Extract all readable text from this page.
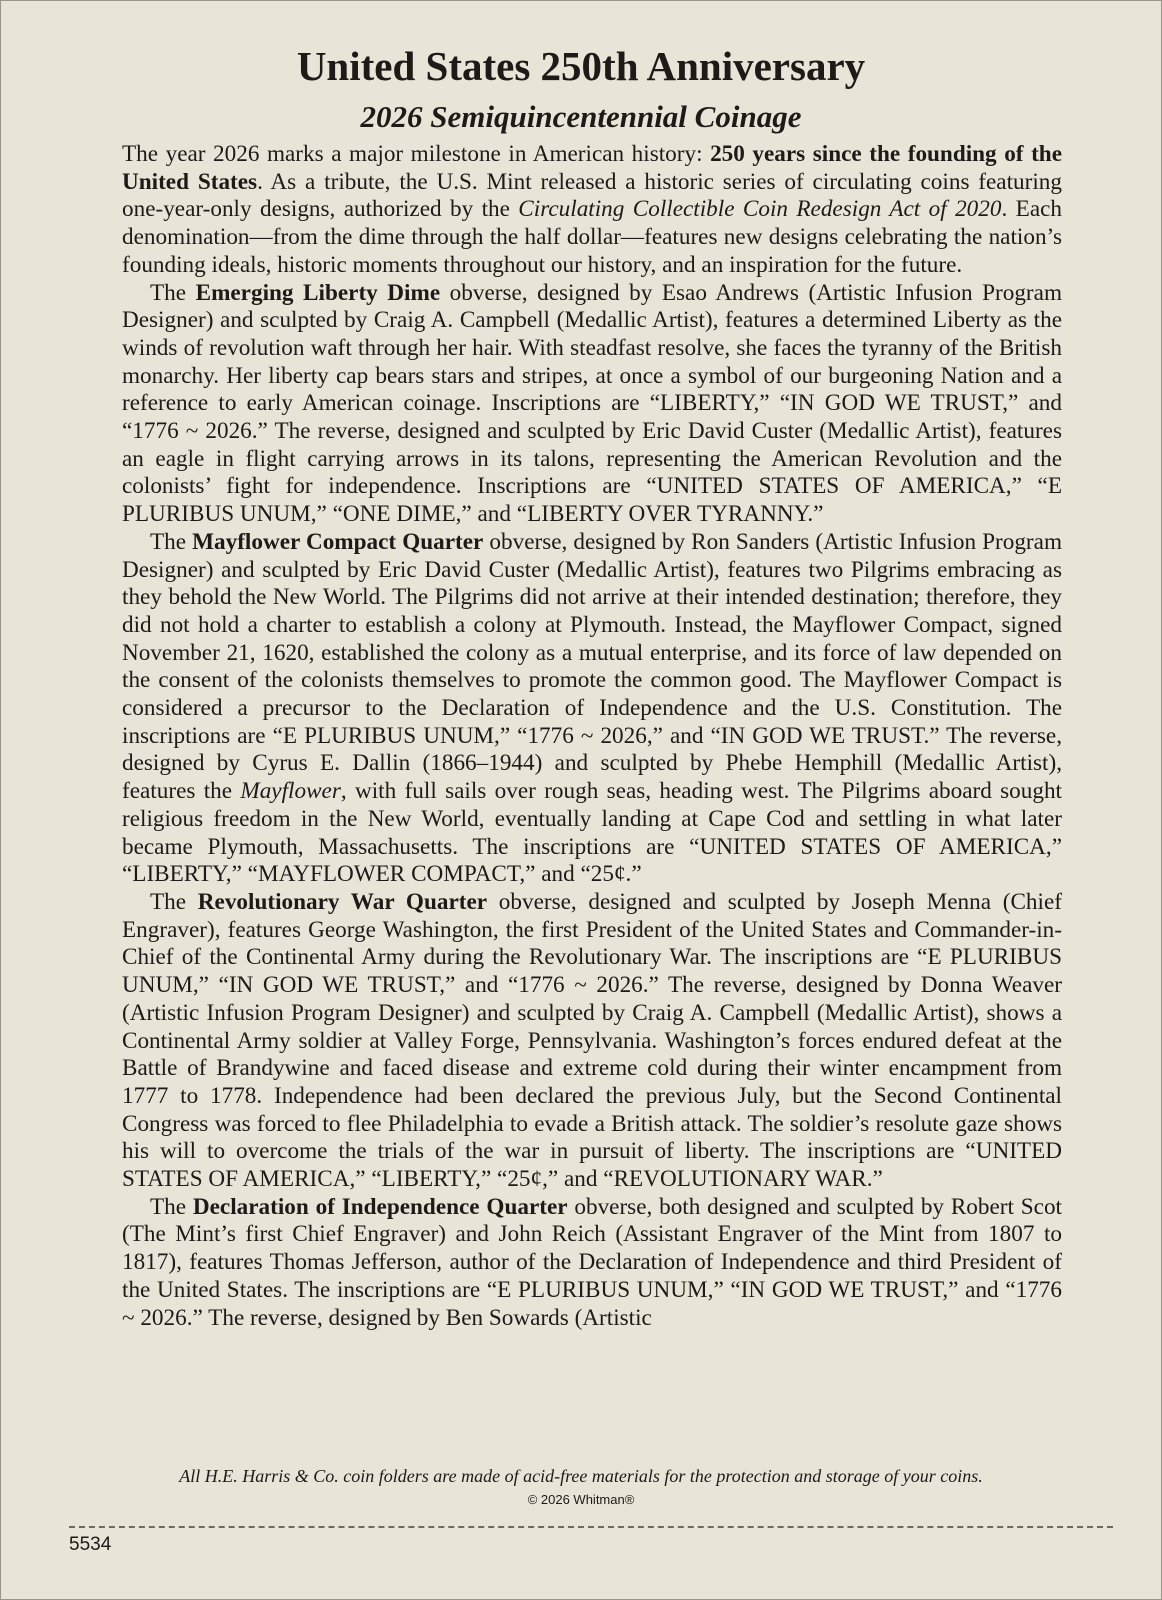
United States 250th Anniversary
2026 Semiquincentennial Coinage

The year 2026 marks a major milestone in American history: 250 years since the founding of the United States. As a tribute, the U.S. Mint released a historic series of circulating coins featuring one-year-only designs, authorized by the Circulating Collectible Coin Redesign Act of 2020. Each denomination—from the dime through the half dollar—features new designs celebrating the nation’s founding ideals, historic moments throughout our history, and an inspiration for the future.

The Emerging Liberty Dime obverse, designed by Esao Andrews (Artistic Infusion Program Designer) and sculpted by Craig A. Campbell (Medallic Artist), features a determined Liberty as the winds of revolution waft through her hair. With steadfast resolve, she faces the tyranny of the British monarchy. Her liberty cap bears stars and stripes, at once a symbol of our burgeoning Nation and a reference to early American coinage. Inscriptions are “LIBERTY,” “IN GOD WE TRUST,” and “1776 ~ 2026.” The reverse, designed and sculpted by Eric David Custer (Medallic Artist), features an eagle in flight carrying arrows in its talons, representing the American Revolution and the colonists’ fight for independence. Inscriptions are “UNITED STATES OF AMERICA,” “E PLURIBUS UNUM,” “ONE DIME,” and “LIBERTY OVER TYRANNY.”

The Mayflower Compact Quarter obverse, designed by Ron Sanders (Artistic Infusion Program Designer) and sculpted by Eric David Custer (Medallic Artist), features two Pilgrims embracing as they behold the New World. The Pilgrims did not arrive at their intended destination; therefore, they did not hold a charter to establish a colony at Plymouth. Instead, the Mayflower Compact, signed November 21, 1620, established the colony as a mutual enterprise, and its force of law depended on the consent of the colonists themselves to promote the common good. The Mayflower Compact is considered a precursor to the Declaration of Independence and the U.S. Constitution. The inscriptions are “E PLURIBUS UNUM,” “1776 ~ 2026,” and “IN GOD WE TRUST.” The reverse, designed by Cyrus E. Dallin (1866–1944) and sculpted by Phebe Hemphill (Medallic Artist), features the Mayflower, with full sails over rough seas, heading west. The Pilgrims aboard sought religious freedom in the New World, eventually landing at Cape Cod and settling in what later became Plymouth, Massachusetts. The inscriptions are “UNITED STATES OF AMERICA,” “LIBERTY,” “MAYFLOWER COMPACT,” and “25¢.”

The Revolutionary War Quarter obverse, designed and sculpted by Joseph Menna (Chief Engraver), features George Washington, the first President of the United States and Commander-in-Chief of the Continental Army during the Revolutionary War. The inscriptions are “E PLURIBUS UNUM,” “IN GOD WE TRUST,” and “1776 ~ 2026.” The reverse, designed by Donna Weaver (Artistic Infusion Program Designer) and sculpted by Craig A. Campbell (Medallic Artist), shows a Continental Army soldier at Valley Forge, Pennsylvania. Washington’s forces endured defeat at the Battle of Brandywine and faced disease and extreme cold during their winter encampment from 1777 to 1778. Independence had been declared the previous July, but the Second Continental Congress was forced to flee Philadelphia to evade a British attack. The soldier’s resolute gaze shows his will to overcome the trials of the war in pursuit of liberty. The inscriptions are “UNITED STATES OF AMERICA,” “LIBERTY,” “25¢,” and “REVOLUTIONARY WAR.”

The Declaration of Independence Quarter obverse, both designed and sculpted by Robert Scot (The Mint’s first Chief Engraver) and John Reich (Assistant Engraver of the Mint from 1807 to 1817), features Thomas Jefferson, author of the Declaration of Independence and third President of the United States. The inscriptions are “E PLURIBUS UNUM,” “IN GOD WE TRUST,” and “1776 ~ 2026.” The reverse, designed by Ben Sowards (Artistic

All H.E. Harris & Co. coin folders are made of acid-free materials for the protection and storage of your coins.
© 2026 Whitman®
5534
